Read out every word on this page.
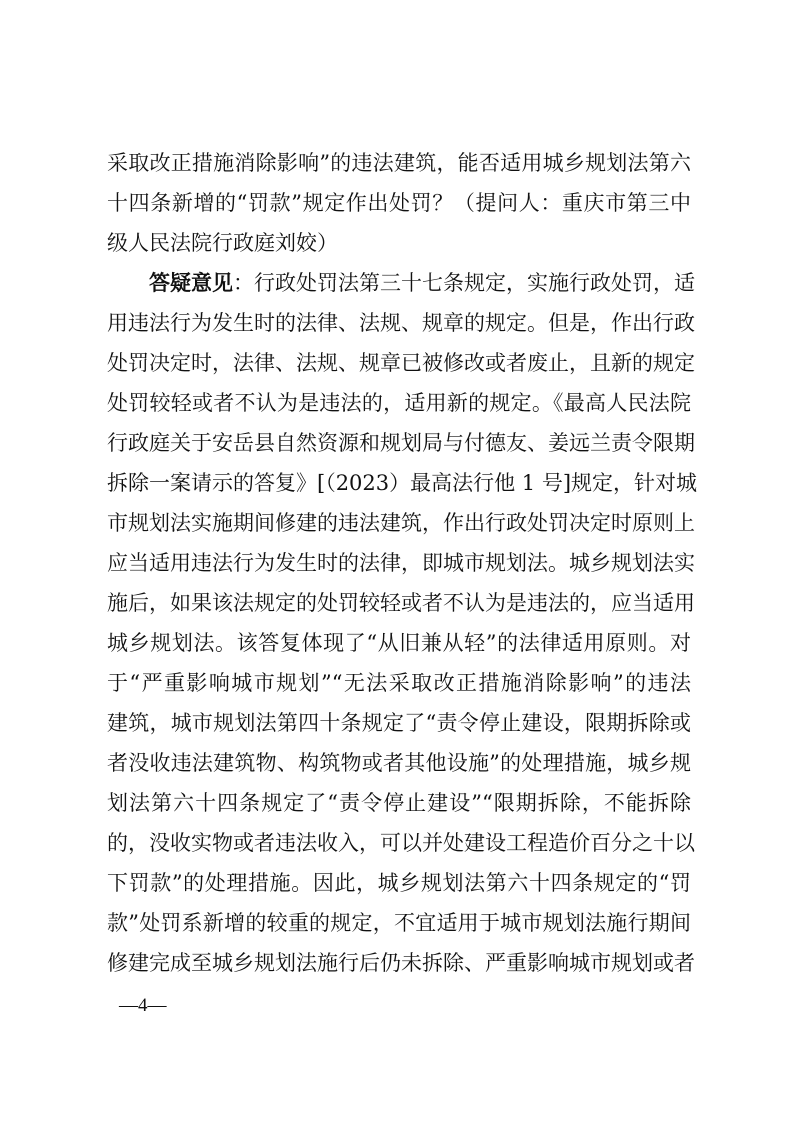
采取改正措施消除影响”的违法建筑，能否适用城乡规划法第六
十四条新增的“罚款”规定作出处罚？（提问人：重庆市第三中
级人民法院行政庭刘姣）
答疑意见：行政处罚法第三十七条规定，实施行政处罚，适
用违法行为发生时的法律、法规、规章的规定。但是，作出行政
处罚决定时，法律、法规、规章已被修改或者废止，且新的规定
处罚较轻或者不认为是违法的，适用新的规定。《最高人民法院
行政庭关于安岳县自然资源和规划局与付德友、姜远兰责令限期
拆除一案请示的答复》[（2023）最高法行他 1 号]规定，针对城
市规划法实施期间修建的违法建筑，作出行政处罚决定时原则上
应当适用违法行为发生时的法律，即城市规划法。城乡规划法实
施后，如果该法规定的处罚较轻或者不认为是违法的，应当适用
城乡规划法。该答复体现了“从旧兼从轻”的法律适用原则。对
于“严重影响城市规划”“无法采取改正措施消除影响”的违法
建筑，城市规划法第四十条规定了“责令停止建设，限期拆除或
者没收违法建筑物、构筑物或者其他设施”的处理措施，城乡规
划法第六十四条规定了“责令停止建设”“限期拆除，不能拆除
的，没收实物或者违法收入，可以并处建设工程造价百分之十以
下罚款”的处理措施。因此，城乡规划法第六十四条规定的“罚
款”处罚系新增的较重的规定，不宜适用于城市规划法施行期间
修建完成至城乡规划法施行后仍未拆除、严重影响城市规划或者
—4—
